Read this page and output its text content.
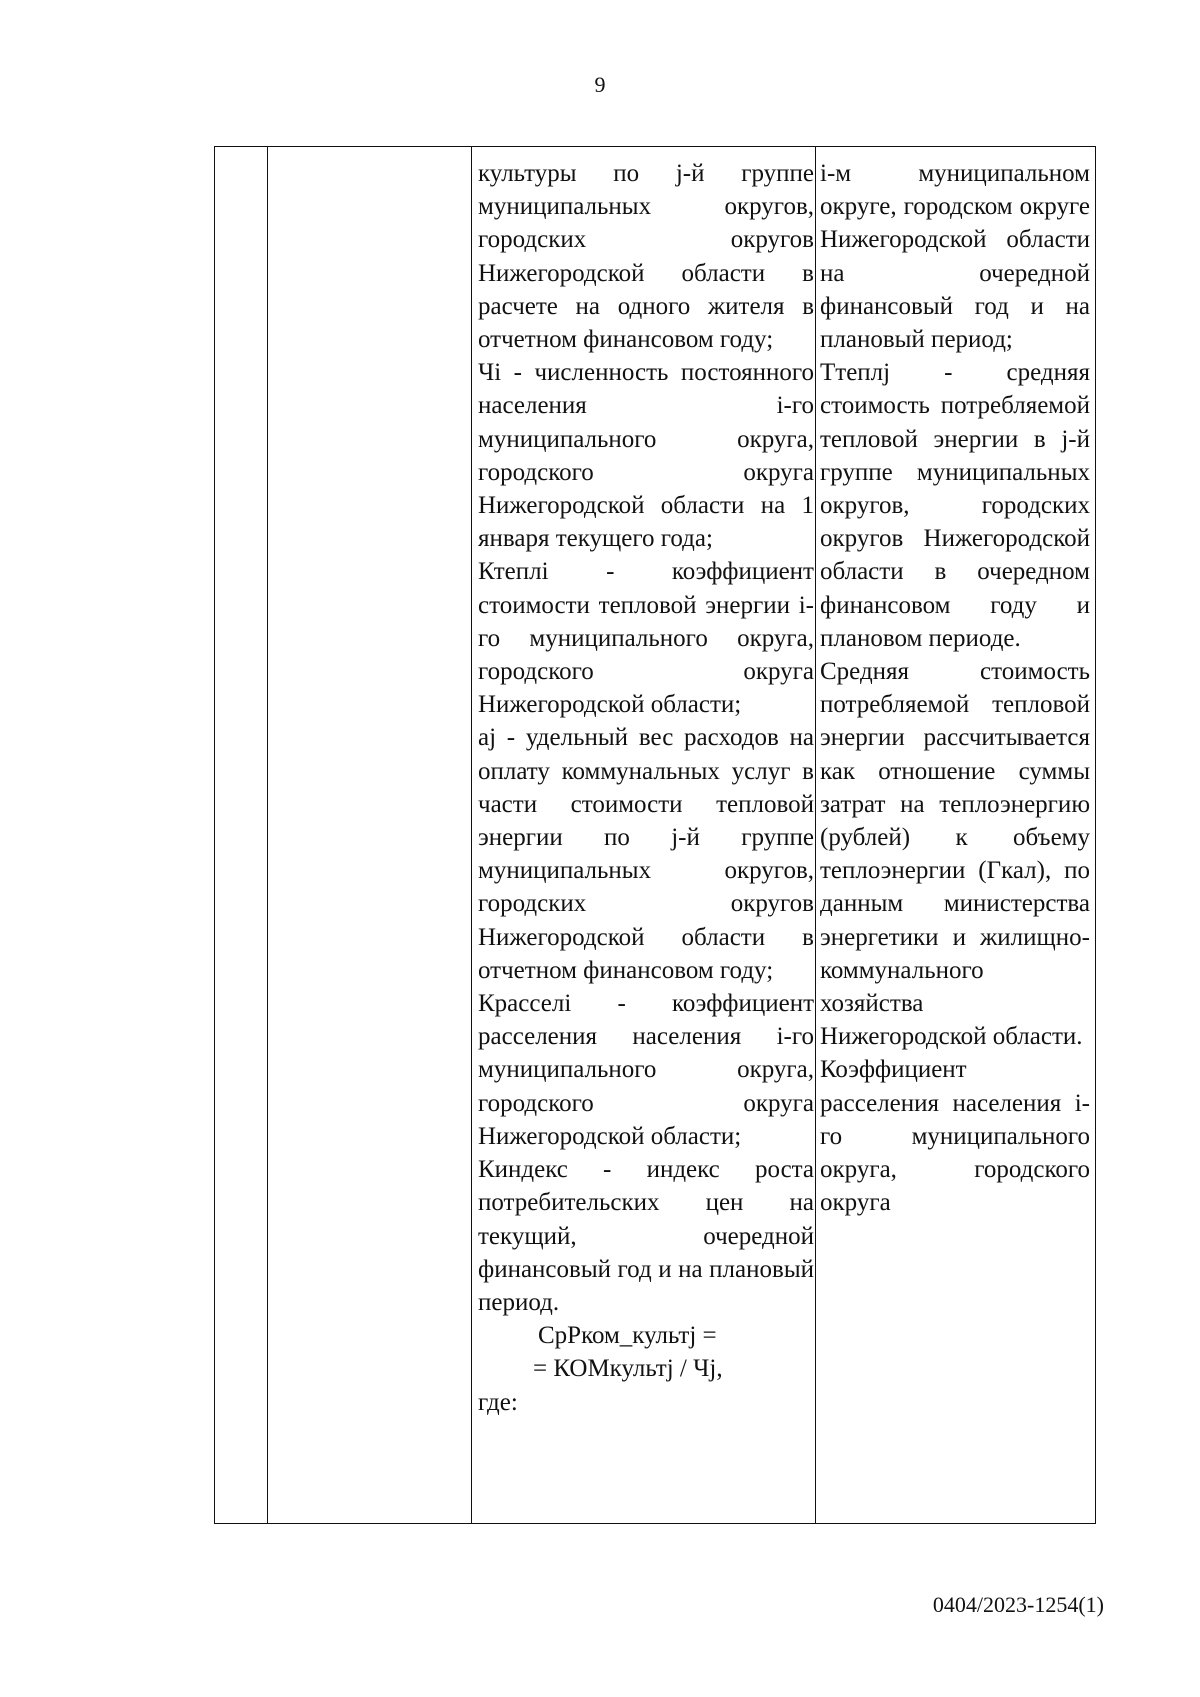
9

культуры по j-й группе муниципальных округов, городских округов Нижегородской области в расчете на одного жителя в отчетном финансовом году;

Чi - численность постоянного населения i-го муниципального округа, городского округа Нижегородской области на 1 января текущего года;

Ктеплi - коэффициент стоимости тепловой энергии i-го муниципального округа, городского округа Нижегородской области;

аj - удельный вес расходов на оплату коммунальных услуг в части стоимости тепловой энергии по j-й группе муниципальных округов, городских округов Нижегородской области в отчетном финансовом году;

Красселi - коэффициент расселения населения i-го муниципального округа, городского округа Нижегородской области;

Киндекс - индекс роста потребительских цен на текущий, очередной финансовый год и на плановый период.

СрРком_культj =

= КОМкультj / Чj,

где:

i-м муниципальном округе, городском округе Нижегородской области на очередной финансовый год и на плановый период;

Ттеплj - средняя стоимость потребляемой тепловой энергии в j-й группе муниципальных округов, городских округов Нижегородской области в очередном финансовом году и плановом периоде.

Средняя стоимость потребляемой тепловой энергии рассчитывается как отношение суммы затрат на теплоэнергию (рублей) к объему теплоэнергии (Гкал), по данным министерства энергетики и жилищно-коммунального хозяйства Нижегородской области.

Коэффициент расселения населения i-го муниципального округа, городского округа

0404/2023-1254(1)
